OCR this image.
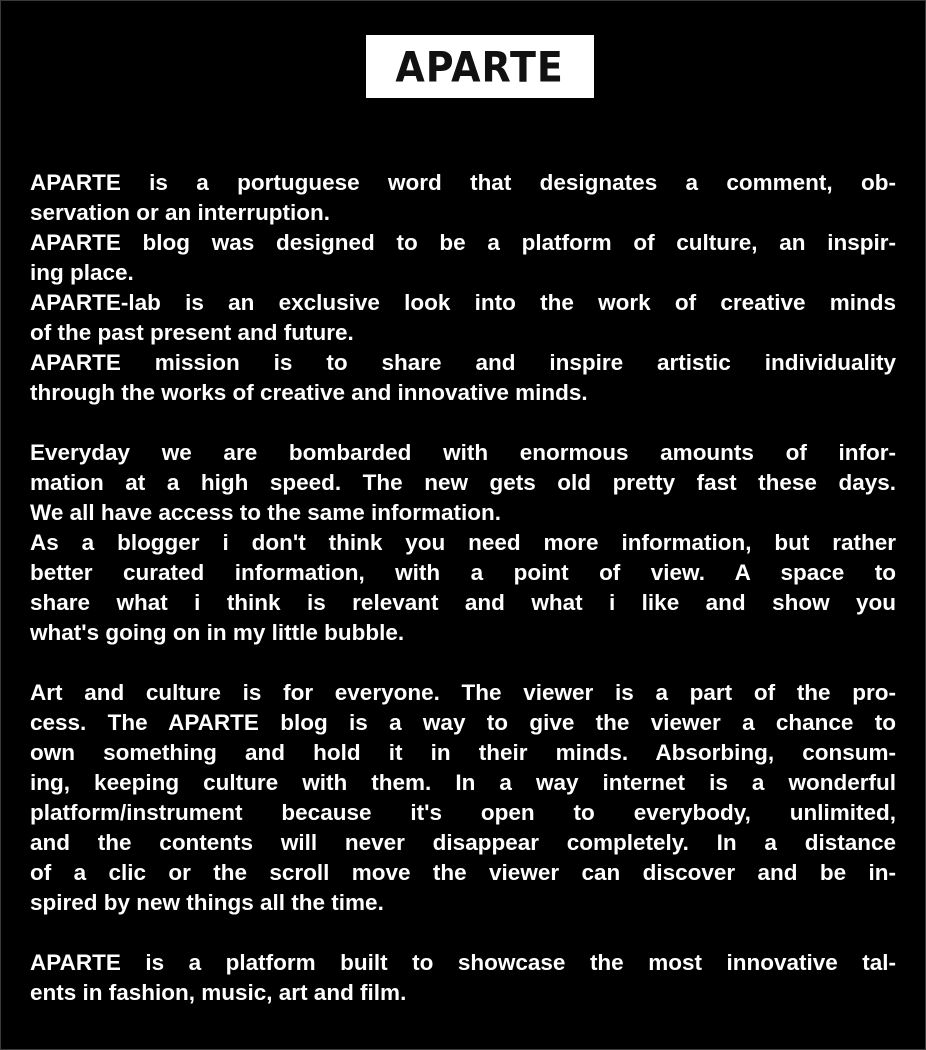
APARTE
APARTE is a portuguese word that designates a comment, ob-
servation or an interruption.
APARTE blog was designed to be a platform of culture, an inspir-
ing place.
APARTE-lab is an exclusive look into the work of creative minds
of the past present and future.
APARTE mission is to share and inspire artistic individuality
through the works of creative and innovative minds.
Everyday we are bombarded with enormous amounts of infor-
mation at a high speed. The new gets old pretty fast these days.
We all have access to the same information.
As a blogger i don't think you need more information, but rather
better curated information, with a point of view. A space to
share what i think is relevant and what i like and show you
what's going on in my little bubble.
Art and culture is for everyone. The viewer is a part of the pro-
cess. The APARTE blog is a way to give the viewer a chance to
own something and hold it in their minds. Absorbing, consum-
ing, keeping culture with them. In a way internet is a wonderful
platform/instrument because it's open to everybody, unlimited,
and the contents will never disappear completely. In a distance
of a clic or the scroll move the viewer can discover and be in-
spired by new things all the time.
APARTE is a platform built to showcase the most innovative tal-
ents in fashion, music, art and film.
